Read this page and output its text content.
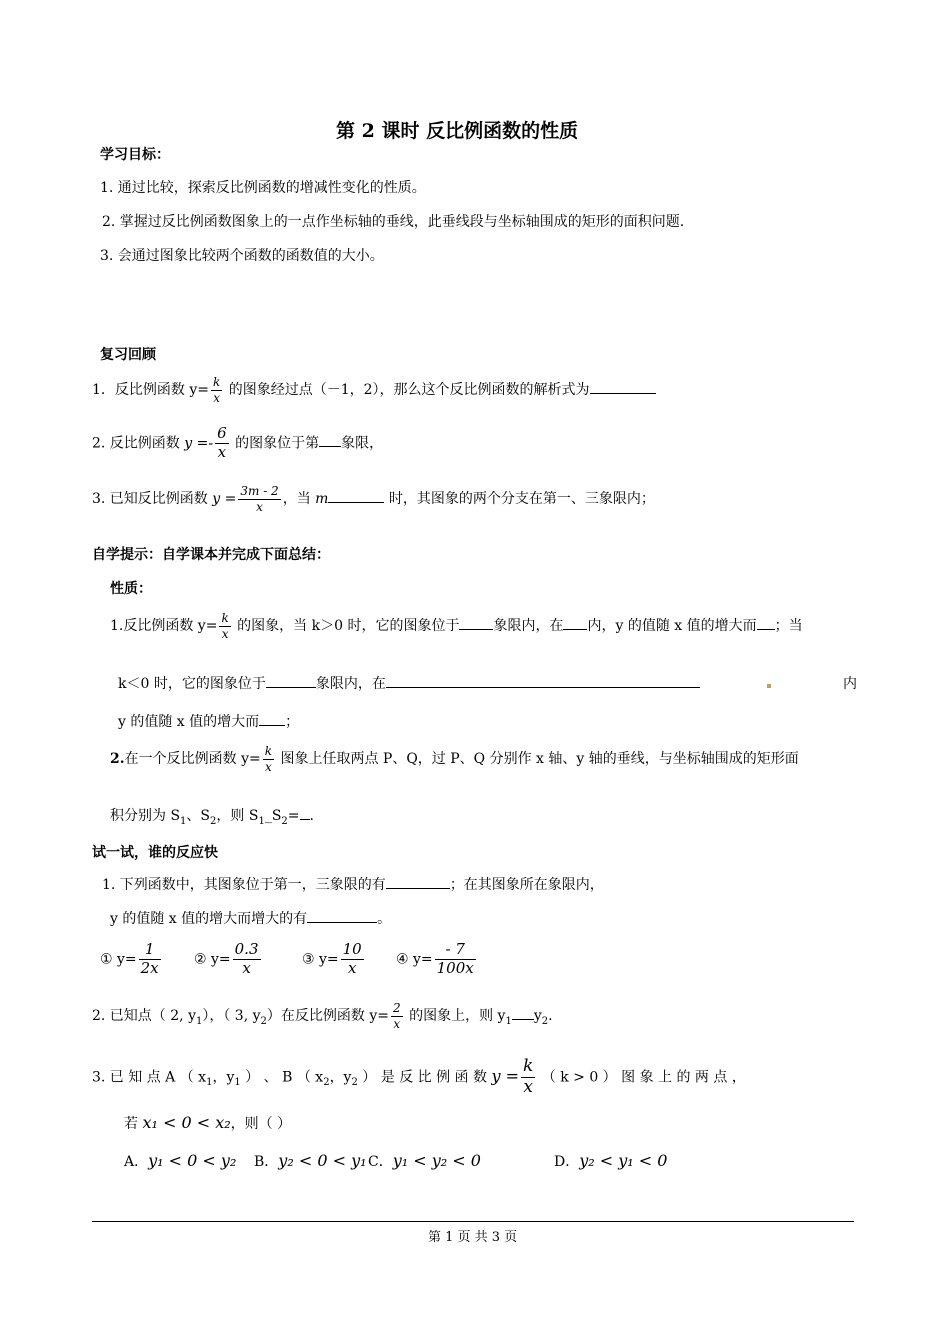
第 2 课时 反比例函数的性质
学习目标：
1. 通过比较，探索反比例函数的增减性变化的性质。
2. 掌握过反比例函数图象上的一点作坐标轴的垂线，此垂线段与坐标轴围成的矩形的面积问题.
3. 会通过图象比较两个函数的函数值的大小。
复习回顾
1．反比例函数 $y= \frac{k}{x}$ 的图象经过点（－1，2），那么这个反比例函数的解析式为
2. 反比例函数 $y =- \frac{6}{x}$ 的图象位于第 象限，
3. 已知反比例函数 $y = \frac{3m - 2}{x}$ ，当 m	时，其图象的两个分支在第一、三象限内；
自学提示：自学课本并完成下面总结：
性质：
1.反比例函数 $y= \frac{k}{x}$ 的图象，当 k＞0 时，它的图象位于 象限内，在 内，y 的值随 x 值的增大而 ；当
k＜0 时，它的图象位于	象限内，在	内
y 的值随 x 值的增大而 ；
2.在一个反比例函数 $y= \frac{k}{x}$ 图象上任取两点 P、Q，过 P、Q 分别作 x 轴、y 轴的垂线，与坐标轴围成的矩形面
积分别为 $S_1$、$S_2$，则 $S_1\_S_2=$ .
试一试，谁的反应快
1. 下列函数中，其图象位于第一，三象限的有	；在其图象所在象限内，
y 的值随 x 值的增大而增大的有	。
① $y= \frac{1}{2x}$ ② $y= \frac{0.3}{x}$	③ $y= \frac{10}{x}$ ④ $y= \frac{- 7}{100x}$
2. 已知点（ 2, $y_1$），（ 3, $y_2$）在反比例函数 $y= \frac{2}{x}$ 的图象上，则 $y_1$ $y_2$.
3. 已 知 点 A （ $x_1$，$y_1$ ） 、 B （ $x_2$，$y_2$ ） 是 反 比 例 函 数 $y = \frac{k}{x}$ （ k > 0 ） 图 象 上 的 两 点 ，
若 x₁ < 0 < x₂，则（ ）
A．y₁ < 0 < y₂ B．y₂ < 0 < y₁ C．y₁ < y₂ < 0	D．y₂ < y₁ < 0
第 1 页 共 3 页
